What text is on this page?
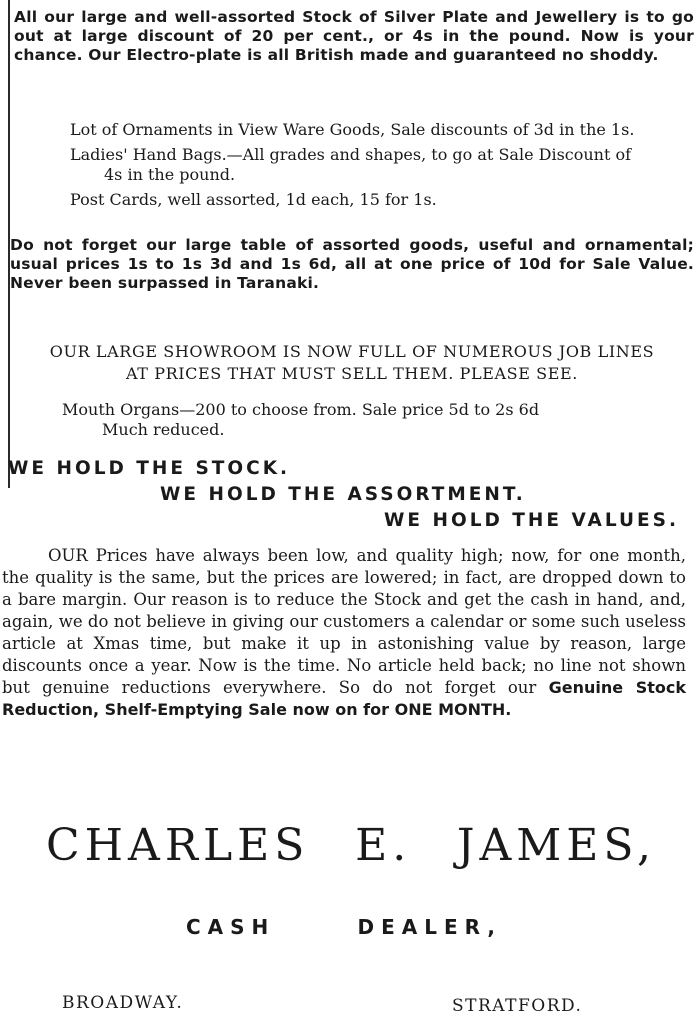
All our large and well-assorted Stock of Silver Plate and Jewellery is to go out at large discount of 20 per cent., or 4s in the pound. Now is your chance. Our Electro-plate is all British made and guaranteed no shoddy.
Lot of Ornaments in View Ware Goods, Sale discounts of 3d in the 1s.
Ladies' Hand Bags.—All grades and shapes, to go at Sale Discount of 4s in the pound.
Post Cards, well assorted, 1d each, 15 for 1s.
Do not forget our large table of assorted goods, useful and ornamental; usual prices 1s to 1s 3d and 1s 6d, all at one price of 10d for Sale Value. Never been surpassed in Taranaki.
OUR LARGE SHOWROOM IS NOW FULL OF NUMEROUS JOB LINES
AT PRICES THAT MUST SELL THEM. PLEASE SEE.
Mouth Organs—200 to choose from. Sale price 5d to 2s 6d
Much reduced.
WE HOLD THE STOCK.
WE HOLD THE ASSORTMENT.
WE HOLD THE VALUES.
OUR Prices have always been low, and quality high; now, for one month, the quality is the same, but the prices are lowered; in fact, are dropped down to a bare margin. Our reason is to reduce the Stock and get the cash in hand, and, again, we do not believe in giving our customers a calendar or some such useless article at Xmas time, but make it up in astonishing value by reason, large discounts once a year. Now is the time. No article held back; no line not shown but genuine reductions everywhere. So do not forget our Genuine Stock Reduction, Shelf-Emptying Sale now on for ONE MONTH.
CHARLES E. JAMES,
CASH	DEALER,
BROADWAY.	STRATFORD.
